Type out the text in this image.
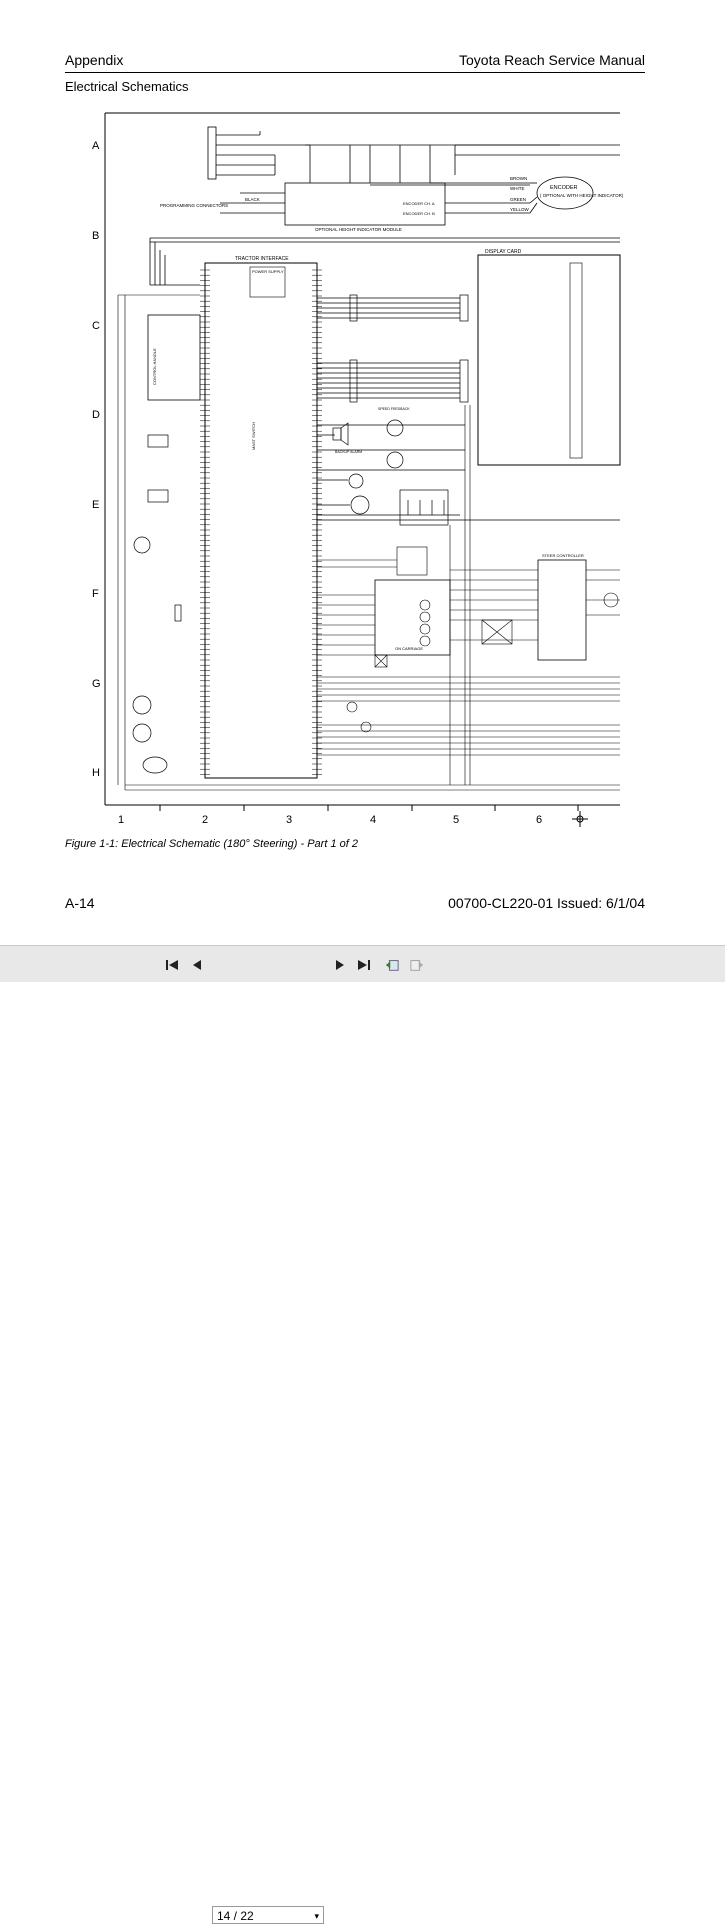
Appendix	Toyota Reach Service Manual
Electrical Schematics
A
B
C
D
E
F
G
H
1	2	3	4	5	6
ENCODER
( OPTIONAL WITH HEIGHT INDICATOR)
OPTIONAL HEIGHT INDICATOR MODULE
PROGRAMMING CONNECTORS
BROWN
WHITE
GREEN
YELLOW
BLACK
ENCODER CH. A
ENCODER CH. B
TRACTOR INTERFACE
POWER SUPPLY
CONTROL HANDLE
MAST SWITCH
DISPLAY CARD
BACKUP ALARM
SPEED FEEDBACK
ON CARRIAGE
STEER CONTROLLER
Figure 1-1: Electrical Schematic (180° Steering) - Part 1 of 2
A-14	00700-CL220-01 Issued: 6/1/04
14 / 22	▾
